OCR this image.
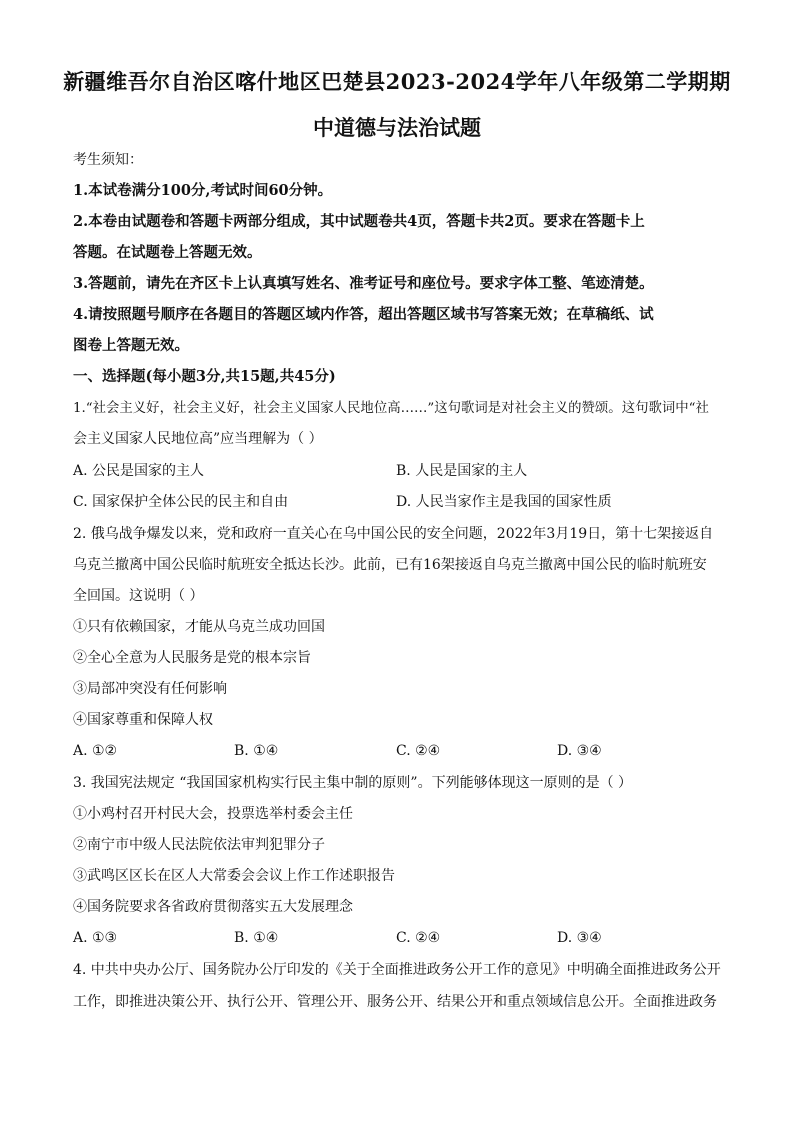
新疆维吾尔自治区喀什地区巴楚县2023-2024学年八年级第二学期期
中道德与法治试题
考生须知：
1.本试卷满分100分,考试时间60分钟。
2.本卷由试题卷和答题卡两部分组成，其中试题卷共4页，答题卡共2页。要求在答题卡上
答题。在试题卷上答题无效。
3.答题前，请先在齐区卡上认真填写姓名、准考证号和座位号。要求字体工整、笔迹清楚。
4.请按照题号顺序在各题目的答题区域内作答，超出答题区域书写答案无效；在草稿纸、试
图卷上答题无效。
一、选择题(每小题3分,共15题,共45分)
1.“社会主义好，社会主义好，社会主义国家人民地位高……”这句歌词是对社会主义的赞颂。这句歌词中“社
会主义国家人民地位高”应当理解为（ ）
A. 公民是国家的主人	B. 人民是国家的主人
C. 国家保护全体公民的民主和自由	D. 人民当家作主是我国的国家性质
2. 俄乌战争爆发以来，党和政府一直关心在乌中国公民的安全问题，2022年3月19日，第十七架接返自
乌克兰撤离中国公民临时航班安全抵达长沙。此前，已有16架接返自乌克兰撤离中国公民的临时航班安
全回国。这说明（ ）
①只有依赖国家，才能从乌克兰成功回国
②全心全意为人民服务是党的根本宗旨
③局部冲突没有任何影响
④国家尊重和保障人权
A. ①②	B. ①④	C. ②④	D. ③④
3. 我国宪法规定 “我国国家机构实行民主集中制的原则”。下列能够体现这一原则的是（ ）
①小鸡村召开村民大会，投票选举村委会主任
②南宁市中级人民法院依法审判犯罪分子
③武鸣区区长在区人大常委会会议上作工作述职报告
④国务院要求各省政府贯彻落实五大发展理念
A. ①③	B. ①④	C. ②④	D. ③④
4. 中共中央办公厅、国务院办公厅印发的《关于全面推进政务公开工作的意见》中明确全面推进政务公开
工作，即推进决策公开、执行公开、管理公开、服务公开、结果公开和重点领域信息公开。全面推进政务
